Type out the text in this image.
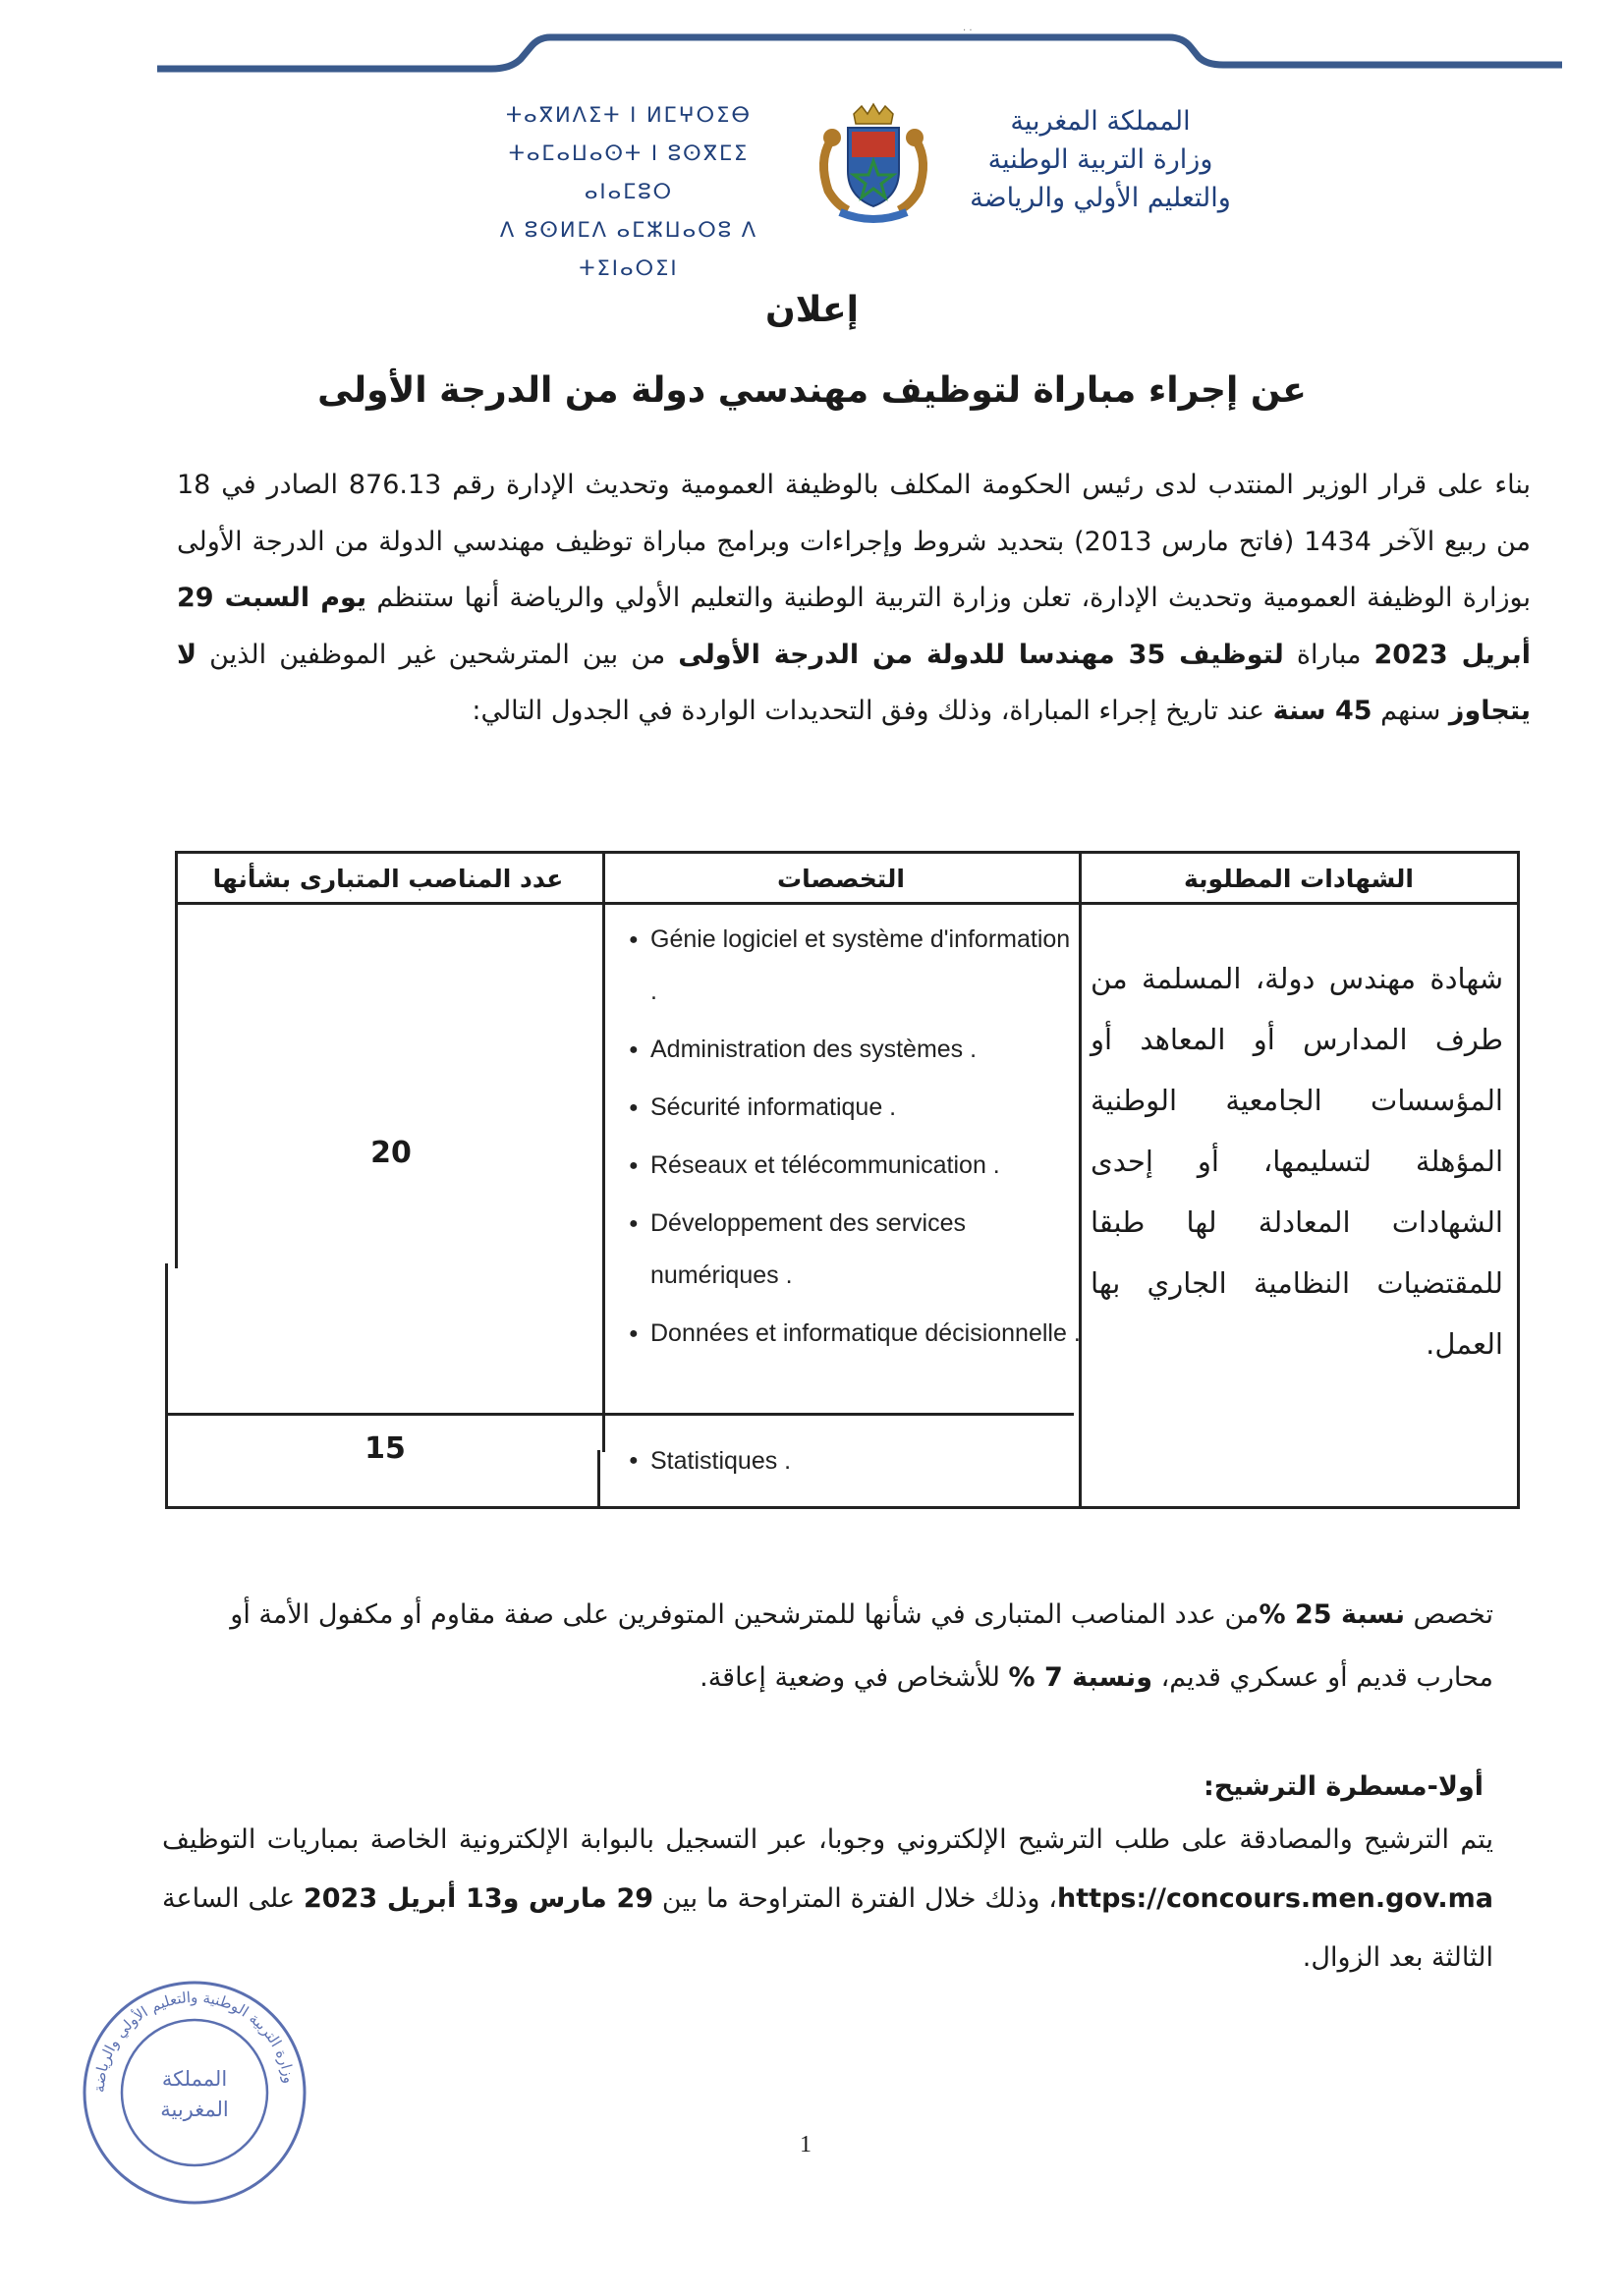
· ·
ⵜⴰⴳⵍⴷⵉⵜ ⵏ ⵍⵎⵖⵔⵉⴱ
ⵜⴰⵎⴰⵡⴰⵙⵜ ⵏ ⵓⵙⴳⵎⵉ ⴰⵏⴰⵎⵓⵔ
ⴷ ⵓⵙⵍⵎⴷ ⴰⵎⵣⵡⴰⵔⵓ ⴷ ⵜⵉⵏⴰⵔⵉⵏ
المملكة المغربية
وزارة التربية الوطنية
والتعليم الأولي والرياضة
إعلان
عن إجراء مباراة لتوظيف مهندسي دولة من الدرجة الأولى
بناء على قرار الوزير المنتدب لدى رئيس الحكومة المكلف بالوظيفة العمومية وتحديث الإدارة رقم 876.13 الصادر في 18 من ربيع الآخر 1434 (فاتح مارس 2013) بتحديد شروط وإجراءات وبرامج مباراة توظيف مهندسي الدولة من الدرجة الأولى بوزارة الوظيفة العمومية وتحديث الإدارة، تعلن وزارة التربية الوطنية والتعليم الأولي والرياضة أنها ستنظم يوم السبت 29 أبريل 2023 مباراة لتوظيف 35 مهندسا للدولة من الدرجة الأولى من بين المترشحين غير الموظفين الذين لا يتجاوز سنهم 45 سنة عند تاريخ إجراء المباراة، وذلك وفق التحديدات الواردة في الجدول التالي:
عدد المناصب المتبارى بشأنها	التخصصات	الشهادات المطلوبة
شهادة مهندس دولة، المسلمة من طرف المدارس أو المعاهد أو المؤسسات الجامعية الوطنية المؤهلة لتسليمها، أو إحدى الشهادات المعادلة لها طبقا للمقتضيات النظامية الجاري بها العمل.
● Génie logiciel et système d'information .
● Administration des systèmes .
● Sécurité informatique .
● Réseaux et télécommunication .
● Développement des services numériques .
● Données et informatique décisionnelle .
● Statistiques .
20
15
تخصص نسبة 25 %من عدد المناصب المتبارى في شأنها للمترشحين المتوفرين على صفة مقاوم أو مكفول الأمة أو محارب قديم أو عسكري قديم، ونسبة 7 % للأشخاص في وضعية إعاقة.
أولا-مسطرة الترشيح:
يتم الترشيح والمصادقة على طلب الترشيح الإلكتروني وجوبا، عبر التسجيل بالبوابة الإلكترونية الخاصة بمباريات التوظيف https://concours.men.gov.ma، وذلك خلال الفترة المتراوحة ما بين 29 مارس و13 أبريل 2023 على الساعة الثالثة بعد الزوال.
وزارة التربية الوطنية والتعليم الأولي والرياضة
المملكة
المغربية
1
